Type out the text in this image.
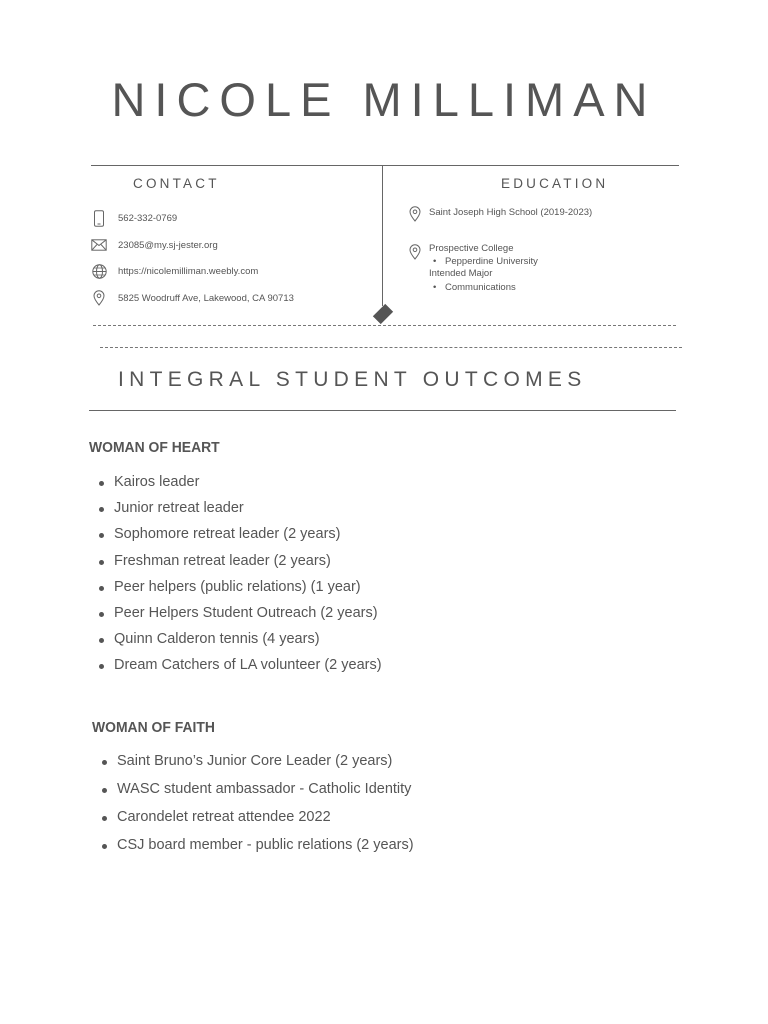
NICOLE MILLIMAN
CONTACT
562-332-0769
23085@my.sj-jester.org
https://nicolemilliman.weebly.com
5825 Woodruff Ave, Lakewood, CA 90713
EDUCATION
Saint Joseph High School (2019-2023)
Prospective College
• Pepperdine University
Intended Major
• Communications
INTEGRAL STUDENT OUTCOMES
WOMAN OF HEART
Kairos leader
Junior retreat leader
Sophomore retreat leader (2 years)
Freshman retreat leader (2 years)
Peer helpers (public relations) (1 year)
Peer Helpers Student Outreach (2 years)
Quinn Calderon tennis (4 years)
Dream Catchers of LA volunteer (2 years)
WOMAN OF FAITH
Saint Bruno’s Junior Core Leader (2 years)
WASC student ambassador - Catholic Identity
Carondelet retreat attendee 2022
CSJ board member - public relations (2 years)
